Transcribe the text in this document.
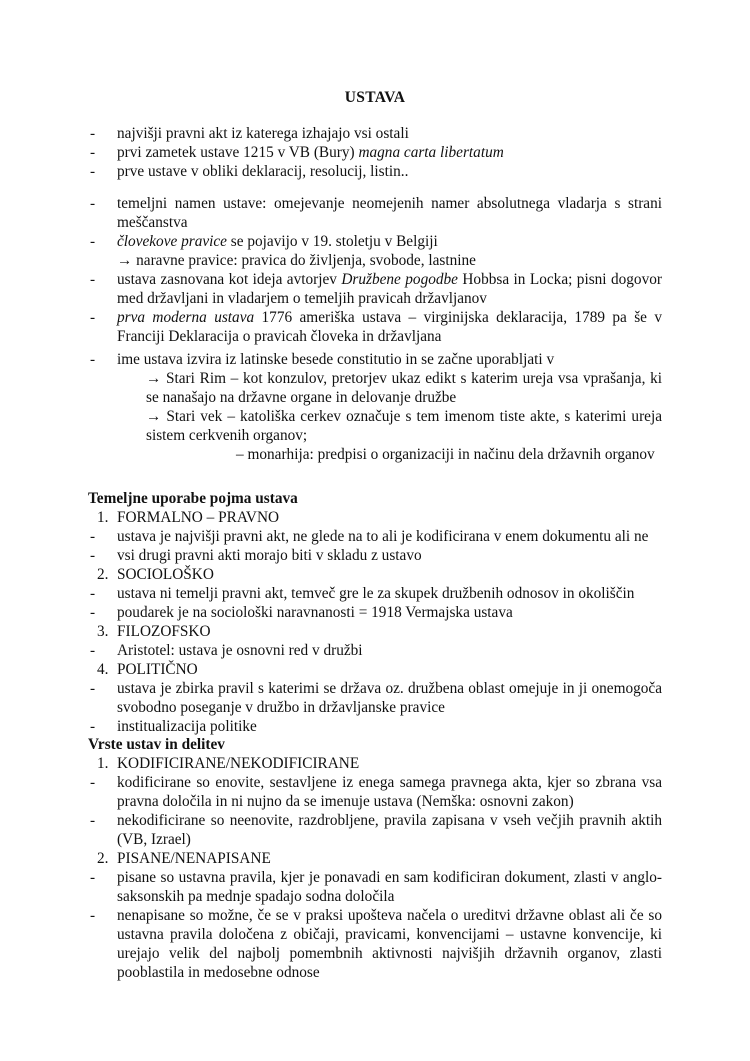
USTAVA
- najvišji pravni akt iz katerega izhajajo vsi ostali
- prvi zametek ustave 1215 v VB (Bury) magna carta libertatum
- prve ustave v obliki deklaracij, resolucij, listin..
- temeljni namen ustave: omejevanje neomejenih namer absolutnega vladarja s strani meščanstva
- človekove pravice se pojavijo v 19. stoletju v Belgiji
→ naravne pravice: pravica do življenja, svobode, lastnine
- ustava zasnovana kot ideja avtorjev Družbene pogodbe Hobbsa in Locka; pisni dogovor med državljani in vladarjem o temeljih pravicah državljanov
- prva moderna ustava 1776 ameriška ustava – virginijska deklaracija, 1789 pa še v Franciji Deklaracija o pravicah človeka in državljana
- ime ustava izvira iz latinske besede constitutio in se začne uporabljati v
→ Stari Rim – kot konzulov, pretorjev ukaz edikt s katerim ureja vsa vprašanja, ki se nanašajo na državne organe in delovanje družbe
→ Stari vek – katoliška cerkev označuje s tem imenom tiste akte, s katerimi ureja sistem cerkvenih organov;
– monarhija: predpisi o organizaciji in načinu dela državnih organov
Temeljne uporabe pojma ustava
1. FORMALNO – PRAVNO
- ustava je najvišji pravni akt, ne glede na to ali je kodificirana v enem dokumentu ali ne
- vsi drugi pravni akti morajo biti v skladu z ustavo
2. SOCIOLOŠKO
- ustava ni temelji pravni akt, temveč gre le za skupek družbenih odnosov in okoliščin
- poudarek je na sociološki naravnanosti = 1918 Vermajska ustava
3. FILOZOFSKO
- Aristotel: ustava je osnovni red v družbi
4. POLITIČNO
- ustava je zbirka pravil s katerimi se država oz. družbena oblast omejuje in ji onemogoča svobodno poseganje v družbo in državljanske pravice
- institualizacija politike
Vrste ustav in delitev
1. KODIFICIRANE/NEKODIFICIRANE
- kodificirane so enovite, sestavljene iz enega samega pravnega akta, kjer so zbrana vsa pravna določila in ni nujno da se imenuje ustava (Nemška: osnovni zakon)
- nekodificirane so neenovite, razdrobljene, pravila zapisana v vseh večjih pravnih aktih (VB, Izrael)
2. PISANE/NENAPISANE
- pisane so ustavna pravila, kjer je ponavadi en sam kodificiran dokument, zlasti v anglo-saksonskih pa mednje spadajo sodna določila
- nenapisane so možne, če se v praksi upošteva načela o ureditvi državne oblast ali če so ustavna pravila določena z običaji, pravicami, konvencijami – ustavne konvencije, ki urejajo velik del najbolj pomembnih aktivnosti najvišjih državnih organov, zlasti pooblastila in medosebne odnose
